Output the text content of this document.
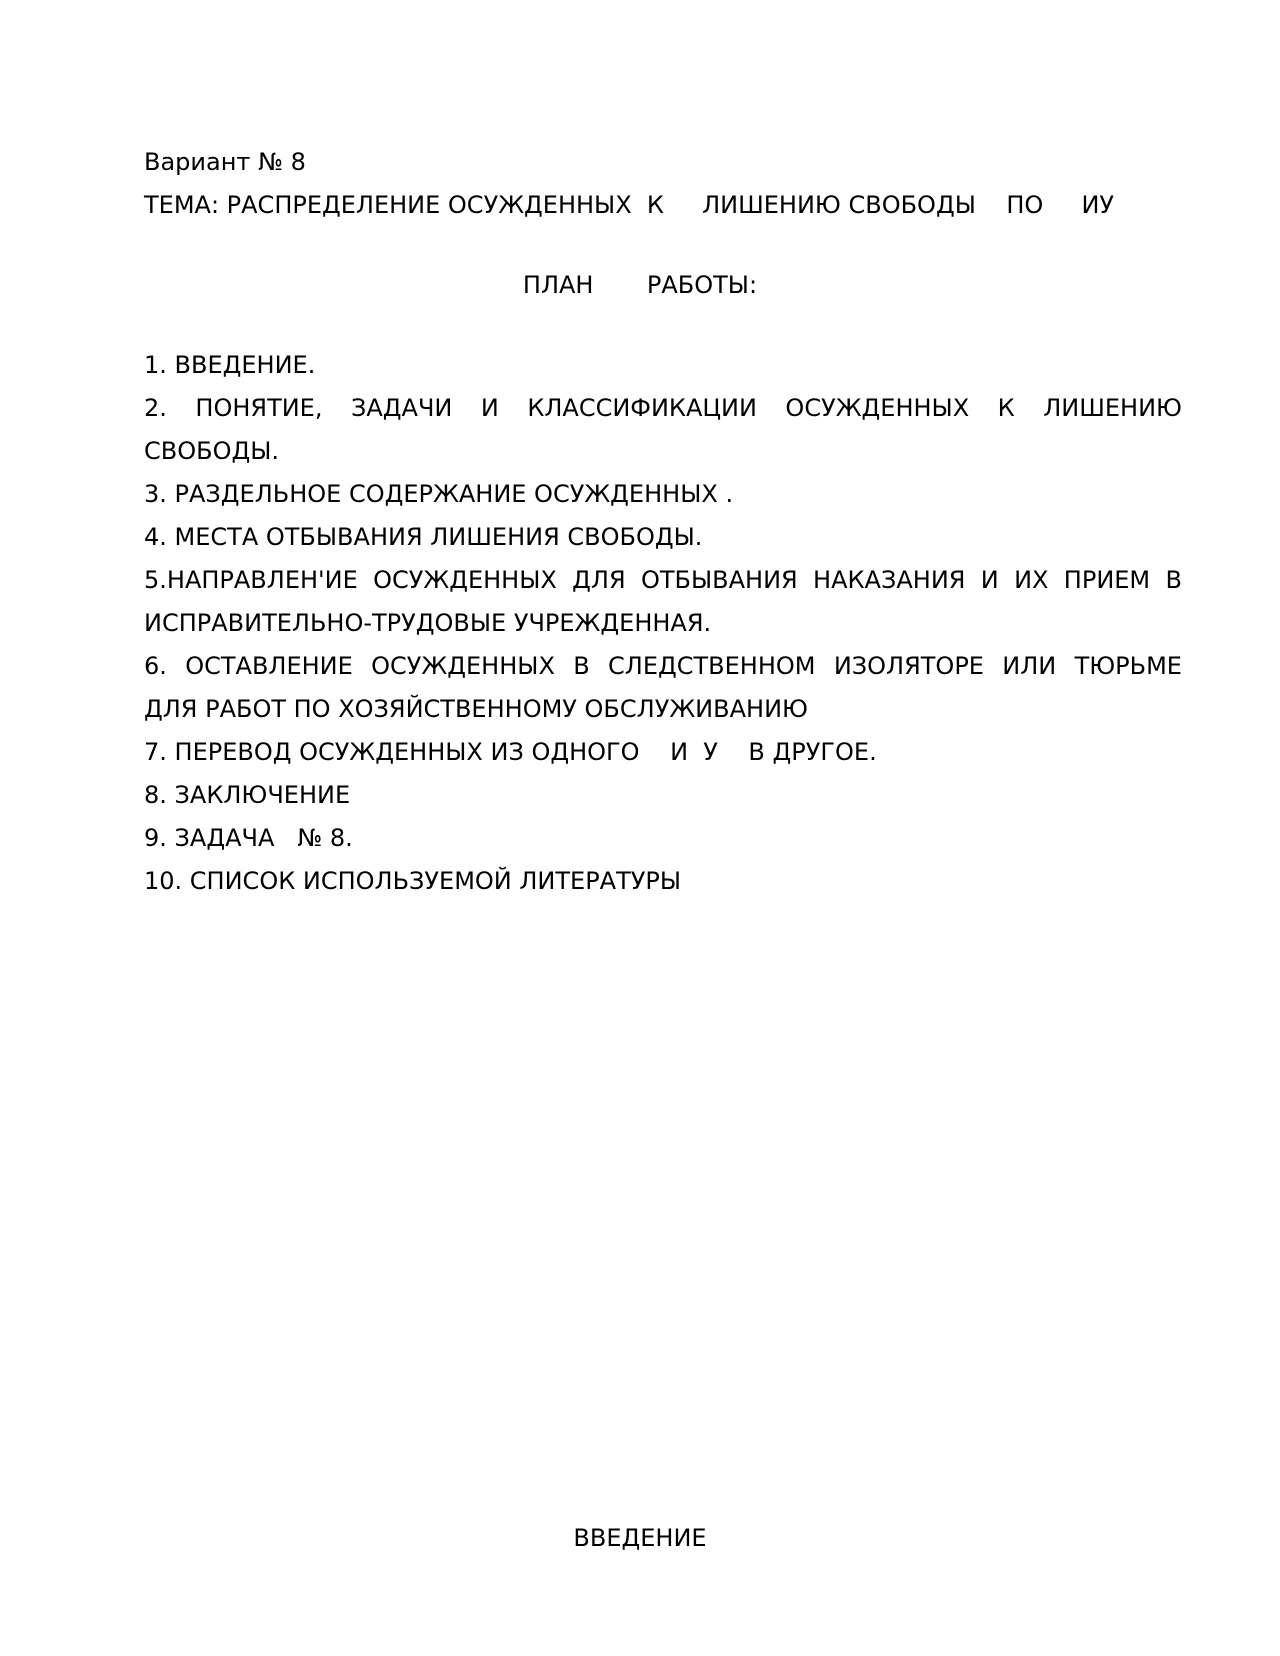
Вариант № 8
ТЕМА: РАСПРЕДЕЛЕНИЕ ОСУЖДЕННЫХ  К     ЛИШЕНИЮ СВОБОДЫ    ПО     ИУ
ПЛАН       РАБОТЫ:
1. ВВЕДЕНИЕ.
2. ПОНЯТИЕ, ЗАДАЧИ И КЛАССИФИКАЦИИ ОСУЖДЕННЫХ К ЛИШЕНИЮ
СВОБОДЫ.
3. РАЗДЕЛЬНОЕ СОДЕРЖАНИЕ ОСУЖДЕННЫХ .
4. МЕСТА ОТБЫВАНИЯ ЛИШЕНИЯ СВОБОДЫ.
5.НАПРАВЛЕН'ИЕ ОСУЖДЕННЫХ ДЛЯ ОТБЫВАНИЯ НАКАЗАНИЯ И ИХ ПРИЕМ В
ИСПРАВИТЕЛЬНО-ТРУДОВЫЕ УЧРЕЖДЕННАЯ.
6. ОСТАВЛЕНИЕ ОСУЖДЕННЫХ В СЛЕДСТВЕННОМ ИЗОЛЯТОРЕ ИЛИ ТЮРЬМЕ
ДЛЯ РАБОТ ПО ХОЗЯЙСТВЕННОМУ ОБСЛУЖИВАНИЮ
7. ПЕРЕВОД ОСУЖДЕННЫХ ИЗ ОДНОГО    И  У    В ДРУГОЕ.
8. ЗАКЛЮЧЕНИЕ
9. ЗАДАЧА   № 8.
10. СПИСОК ИСПОЛЬЗУЕМОЙ ЛИТЕРАТУРЫ
ВВЕДЕНИЕ
